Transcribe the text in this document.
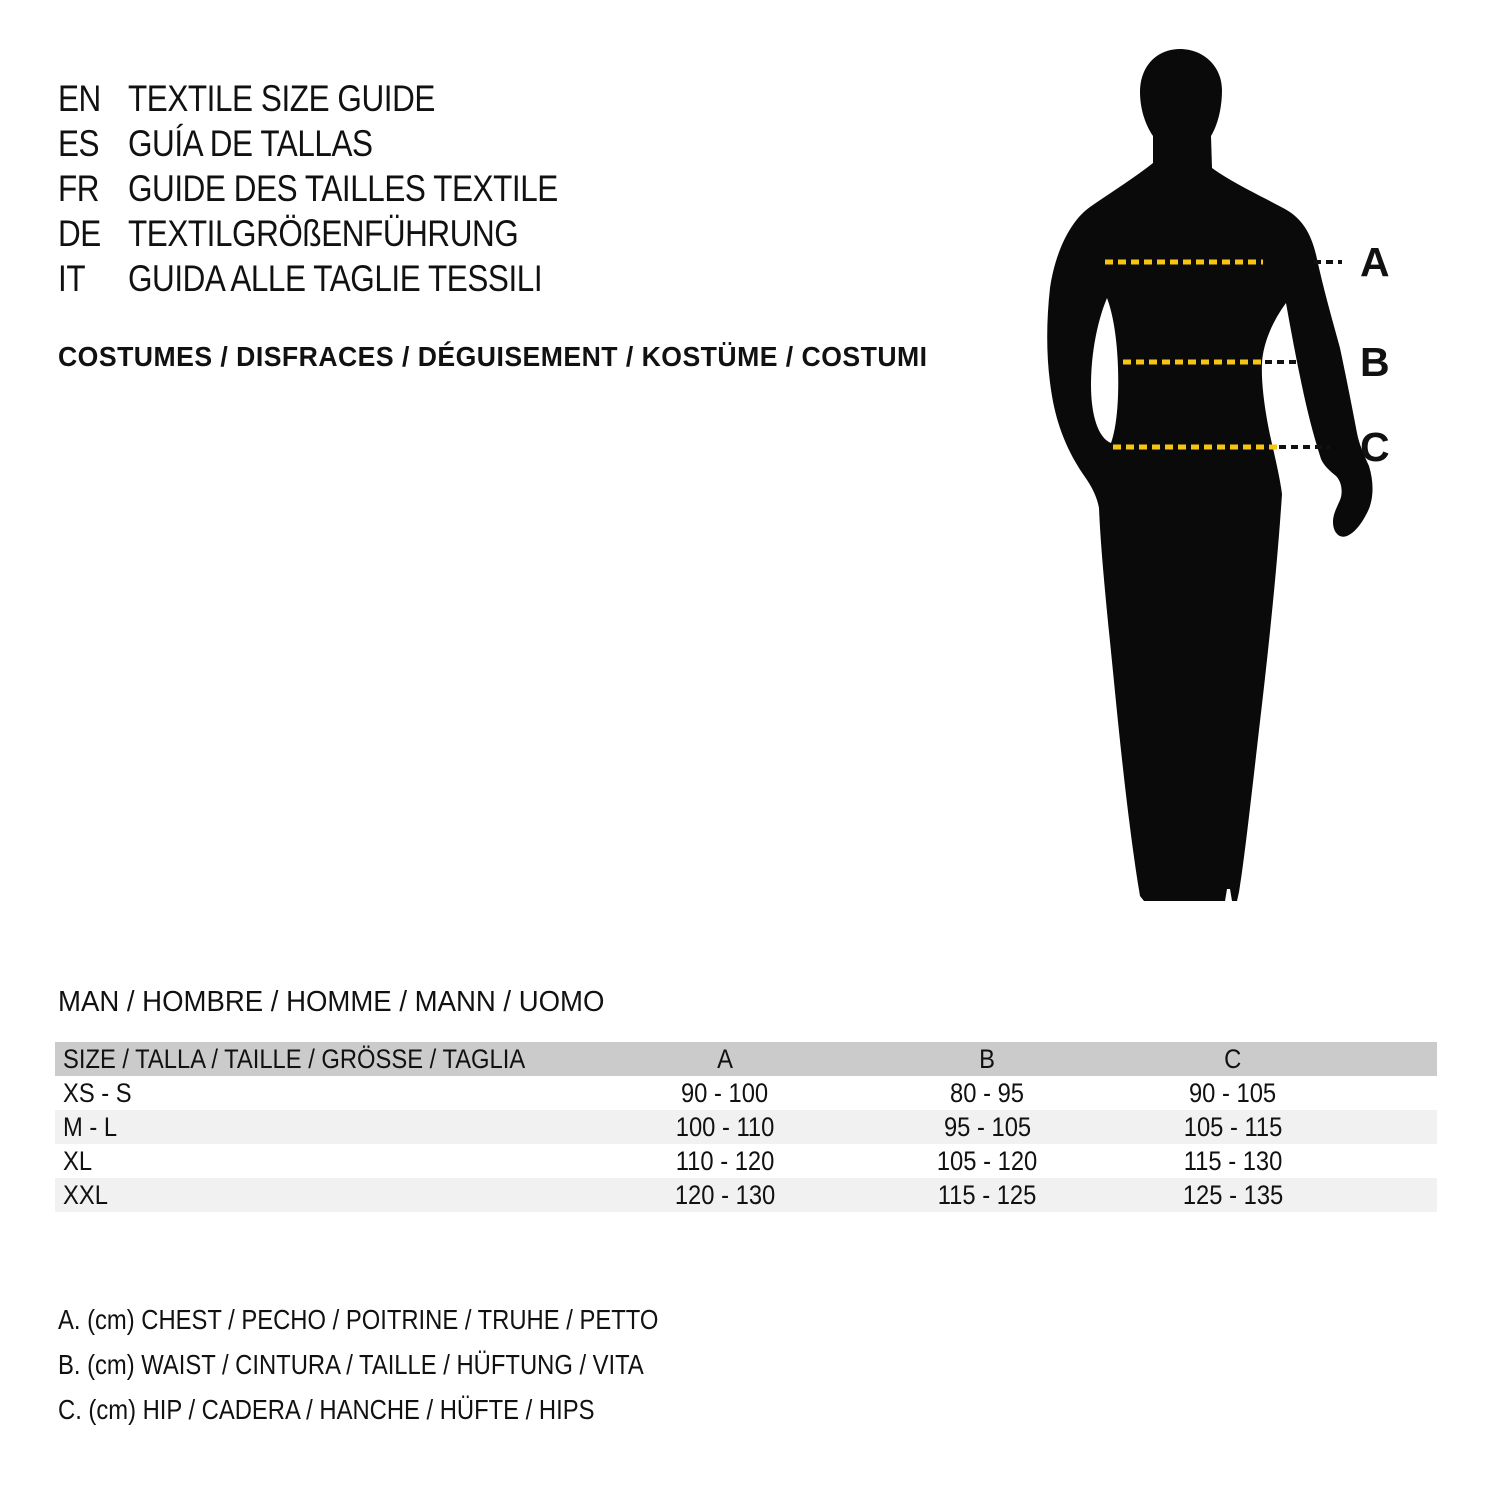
EN TEXTILE SIZE GUIDE
ES GUÍA DE TALLAS
FR GUIDE DES TAILLES TEXTILE
DE TEXTILGRÖßENFÜHRUNG
IT	GUIDA ALLE TAGLIE TESSILI
COSTUMES / DISFRACES / DÉGUISEMENT / KOSTÜME / COSTUMI
A
B
C
MAN / HOMBRE / HOMME / MANN / UOMO
SIZE / TALLA / TAILLE / GRÖSSE / TAGLIA	A	B	C
XS - S	90 - 100	80 - 95	90 - 105
M - L	100 - 110	95 - 105	105 - 115
XL	110 - 120	105 - 120	115 - 130
XXL	120 - 130	115 - 125	125 - 135
A. (cm) CHEST / PECHO / POITRINE / TRUHE / PETTO
B. (cm) WAIST / CINTURA / TAILLE / HÜFTUNG / VITA
C. (cm) HIP / CADERA / HANCHE / HÜFTE / HIPS
